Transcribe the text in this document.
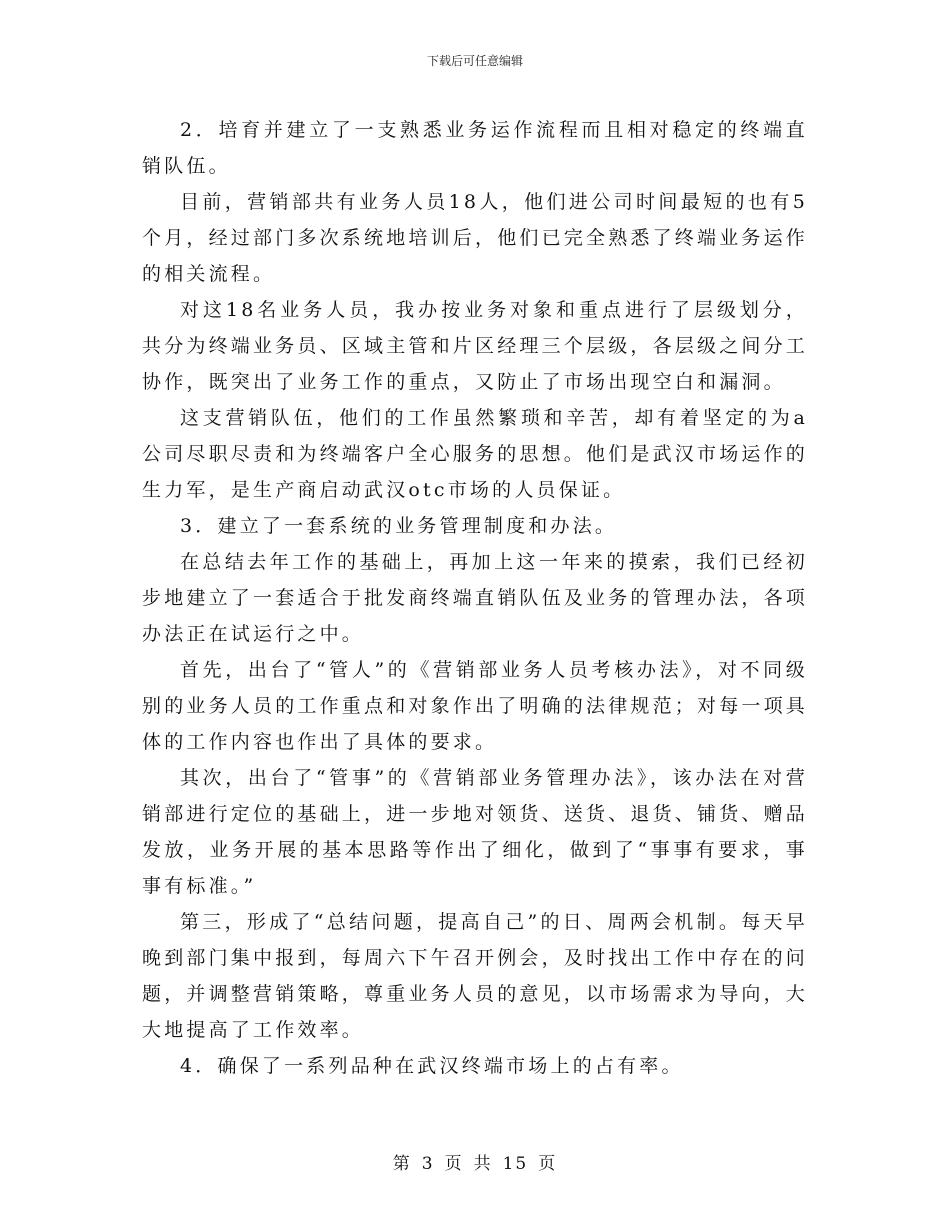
下载后可任意编辑

2．培育并建立了一支熟悉业务运作流程而且相对稳定的终端直销队伍。

目前，营销部共有业务人员18人，他们进公司时间最短的也有5个月，经过部门多次系统地培训后，他们已完全熟悉了终端业务运作的相关流程。

对这18名业务人员，我办按业务对象和重点进行了层级划分，共分为终端业务员、区域主管和片区经理三个层级，各层级之间分工协作，既突出了业务工作的重点，又防止了市场出现空白和漏洞。

这支营销队伍，他们的工作虽然繁琐和辛苦，却有着坚定的为a公司尽职尽责和为终端客户全心服务的思想。他们是武汉市场运作的生力军，是生产商启动武汉otc市场的人员保证。

3．建立了一套系统的业务管理制度和办法。

在总结去年工作的基础上，再加上这一年来的摸索，我们已经初步地建立了一套适合于批发商终端直销队伍及业务的管理办法，各项办法正在试运行之中。

首先，出台了“管人”的《营销部业务人员考核办法》，对不同级别的业务人员的工作重点和对象作出了明确的法律规范；对每一项具体的工作内容也作出了具体的要求。

其次，出台了“管事”的《营销部业务管理办法》，该办法在对营销部进行定位的基础上，进一步地对领货、送货、退货、铺货、赠品发放，业务开展的基本思路等作出了细化，做到了“事事有要求，事事有标准。”

第三，形成了“总结问题，提高自己”的日、周两会机制。每天早晚到部门集中报到，每周六下午召开例会，及时找出工作中存在的问题，并调整营销策略，尊重业务人员的意见，以市场需求为导向，大大地提高了工作效率。

4．确保了一系列品种在武汉终端市场上的占有率。

第 3 页 共 15 页
